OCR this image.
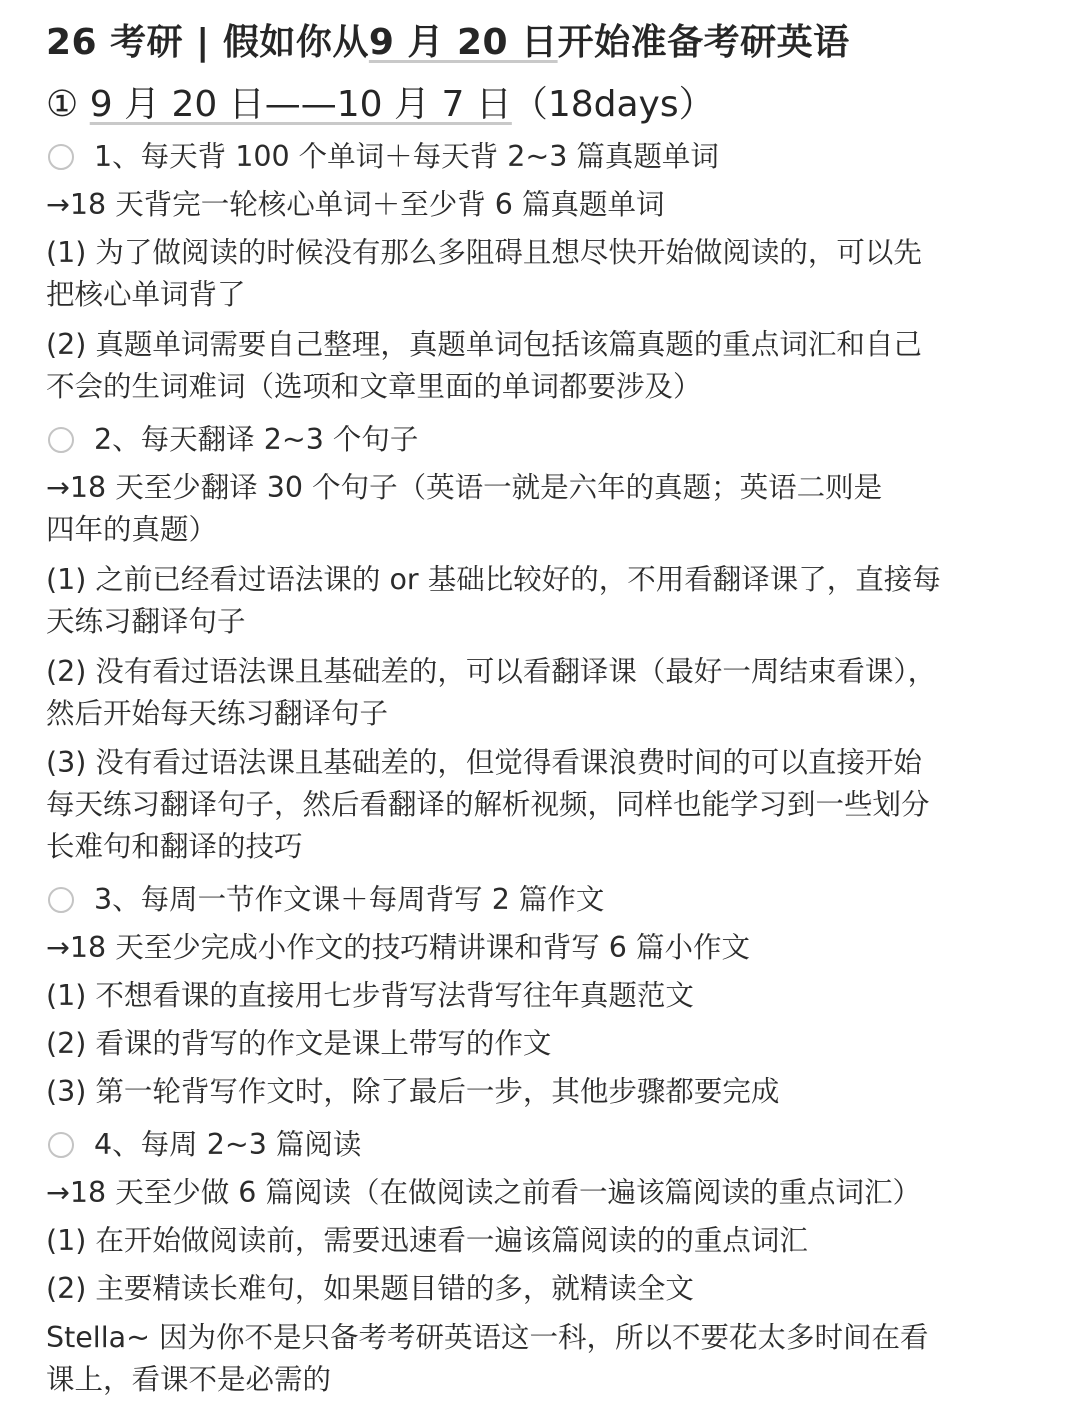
26 考研 | 假如你从9 月 20 日开始准备考研英语
① 9 月 20 日——10 月 7 日（18days）
1、每天背 100 个单词＋每天背 2~3 篇真题单词
→18 天背完一轮核心单词＋至少背 6 篇真题单词
(1) 为了做阅读的时候没有那么多阻碍且想尽快开始做阅读的，可以先
把核心单词背了
(2) 真题单词需要自己整理，真题单词包括该篇真题的重点词汇和自己
不会的生词难词（选项和文章里面的单词都要涉及）
2、每天翻译 2~3 个句子
→18 天至少翻译 30 个句子（英语一就是六年的真题；英语二则是
四年的真题）
(1) 之前已经看过语法课的 or 基础比较好的，不用看翻译课了，直接每
天练习翻译句子
(2) 没有看过语法课且基础差的，可以看翻译课（最好一周结束看课），
然后开始每天练习翻译句子
(3) 没有看过语法课且基础差的，但觉得看课浪费时间的可以直接开始
每天练习翻译句子，然后看翻译的解析视频，同样也能学习到一些划分
长难句和翻译的技巧
3、每周一节作文课＋每周背写 2 篇作文
→18 天至少完成小作文的技巧精讲课和背写 6 篇小作文
(1) 不想看课的直接用七步背写法背写往年真题范文
(2) 看课的背写的作文是课上带写的作文
(3) 第一轮背写作文时，除了最后一步，其他步骤都要完成
4、每周 2~3 篇阅读
→18 天至少做 6 篇阅读（在做阅读之前看一遍该篇阅读的重点词汇）
(1) 在开始做阅读前，需要迅速看一遍该篇阅读的的重点词汇
(2) 主要精读长难句，如果题目错的多，就精读全文
Stella~ 因为你不是只备考考研英语这一科，所以不要花太多时间在看
课上，看课不是必需的
